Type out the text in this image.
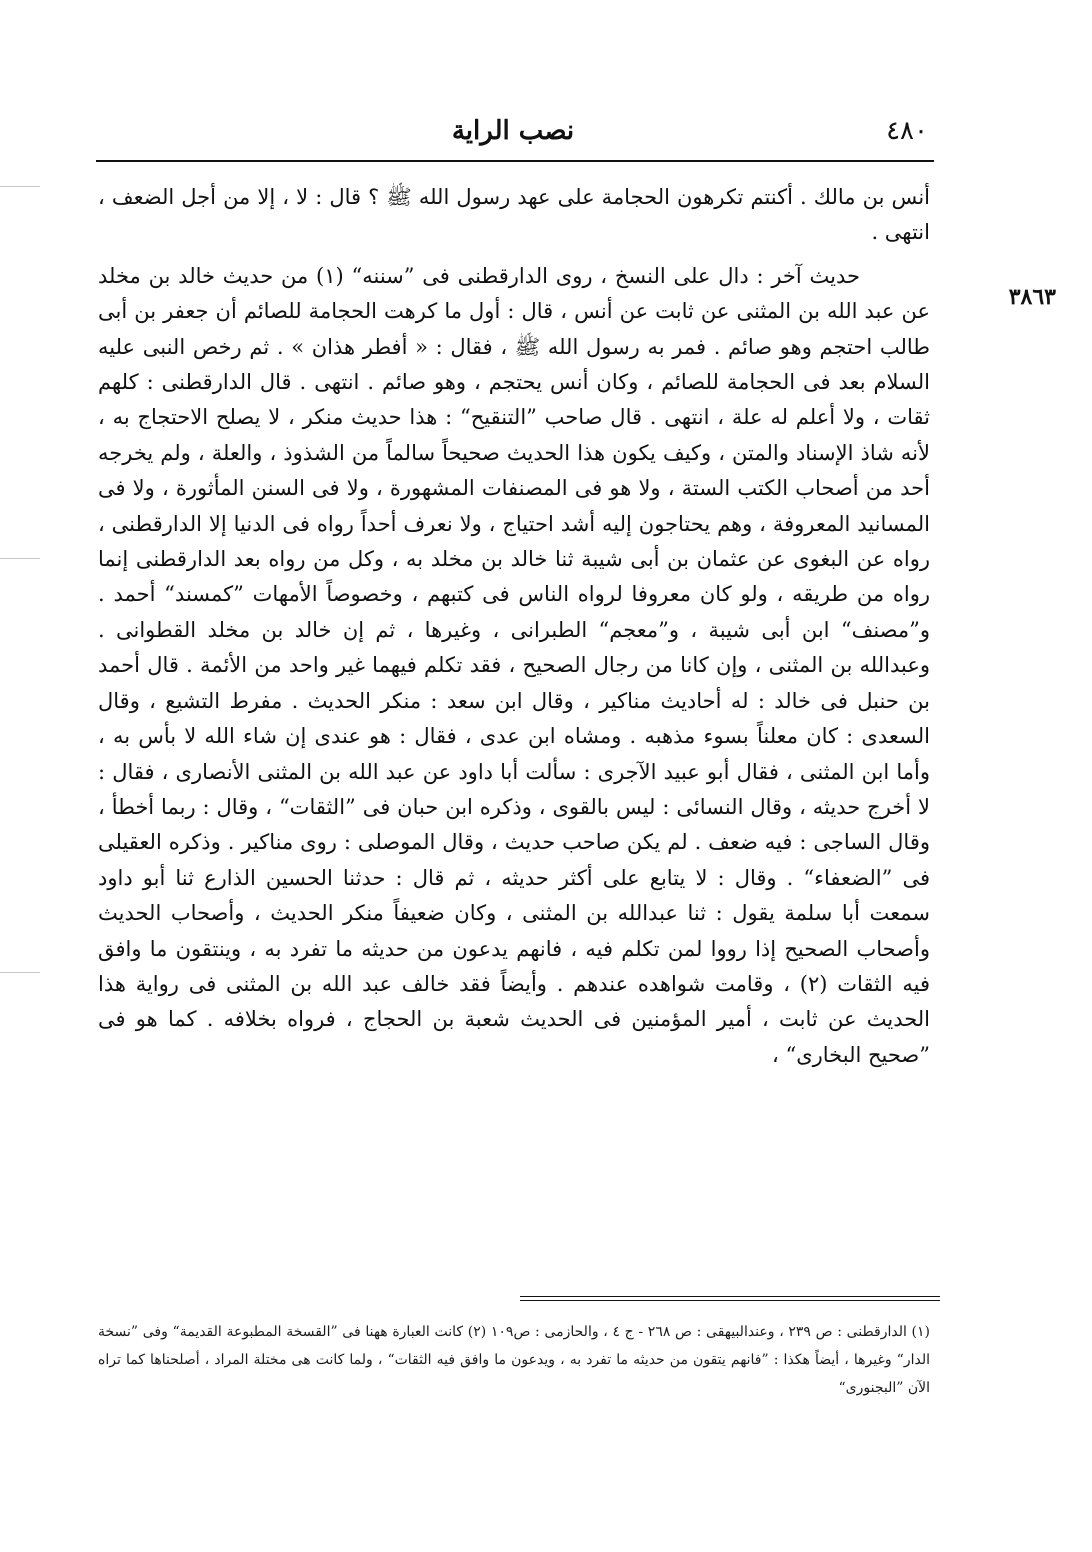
٤٨٠
نصب الراية
٣٨٦٣

أنس بن مالك . أكنتم تكرهون الحجامة على عهد رسول الله ﷺ ؟ قال : لا ، إلا من أجل الضعف ، انتهى .

حديث آخر : دال على النسخ ، روى الدارقطنى فى ”سننه“ (١) من حديث خالد بن مخلد عن عبد الله بن المثنى عن ثابت عن أنس ، قال : أول ما كرهت الحجامة للصائم أن جعفر بن أبى طالب احتجم وهو صائم . فمر به رسول الله ﷺ ، فقال : « أفطر هذان » . ثم رخص النبى عليه السلام بعد فى الحجامة للصائم ، وكان أنس يحتجم ، وهو صائم . انتهى . قال الدارقطنى : كلهم ثقات ، ولا أعلم له علة ، انتهى . قال صاحب ”التنقيح“ : هذا حديث منكر ، لا يصلح الاحتجاج به ، لأنه شاذ الإسناد والمتن ، وكيف يكون هذا الحديث صحيحاً سالماً من الشذوذ ، والعلة ، ولم يخرجه أحد من أصحاب الكتب الستة ، ولا هو فى المصنفات المشهورة ، ولا فى السنن المأثورة ، ولا فى المسانيد المعروفة ، وهم يحتاجون إليه أشد احتياج ، ولا نعرف أحداً رواه فى الدنيا إلا الدارقطنى ، رواه عن البغوى عن عثمان بن أبى شيبة ثنا خالد بن مخلد به ، وكل من رواه بعد الدارقطنى إنما رواه من طريقه ، ولو كان معروفا لرواه الناس فى كتبهم ، وخصوصاً الأمهات ”كمسند“ أحمد . و”مصنف“ ابن أبى شيبة ، و”معجم“ الطبرانى ، وغيرها ، ثم إن خالد بن مخلد القطوانى . وعبدالله بن المثنى ، وإن كانا من رجال الصحيح ، فقد تكلم فيهما غير واحد من الأئمة . قال أحمد بن حنبل فى خالد : له أحاديث مناكير ، وقال ابن سعد : منكر الحديث . مفرط التشيع ، وقال السعدى : كان معلناً بسوء مذهبه . ومشاه ابن عدى ، فقال : هو عندى إن شاء الله لا بأس به ، وأما ابن المثنى ، فقال أبو عبيد الآجرى : سألت أبا داود عن عبد الله بن المثنى الأنصارى ، فقال : لا أخرج حديثه ، وقال النسائى : ليس بالقوى ، وذكره ابن حبان فى ”الثقات“ ، وقال : ربما أخطأ ، وقال الساجى : فيه ضعف . لم يكن صاحب حديث ، وقال الموصلى : روى مناكير . وذكره العقيلى فى ”الضعفاء“ . وقال : لا يتابع على أكثر حديثه ، ثم قال : حدثنا الحسين الذارع ثنا أبو داود سمعت أبا سلمة يقول : ثنا عبدالله بن المثنى ، وكان ضعيفاً منكر الحديث ، وأصحاب الحديث وأصحاب الصحيح إذا رووا لمن تكلم فيه ، فانهم يدعون من حديثه ما تفرد به ، وينتقون ما وافق فيه الثقات (٢) ، وقامت شواهده عندهم . وأيضاً فقد خالف عبد الله بن المثنى فى رواية هذا الحديث عن ثابت ، أمير المؤمنين فى الحديث شعبة بن الحجاج ، فرواه بخلافه . كما هو فى ”صحيح البخارى“ ،

(١) الدارقطنى : ص ٢٣٩ ، وعندالبيهقى : ص ٢٦٨ - ج ٤ ، والحازمى : ص١٠٩ (٢) كانت العبارة ههنا فى ”القسخة المطبوعة القديمة“ وفى ”نسخة الدار“ وغيرها ، أيضاً هكذا : ”فانهم يتقون من حديثه ما تفرد به ، ويدعون ما وافق فيه الثقات“ ، ولما كانت هى مختلة المراد ، أصلحناها كما تراه الآن ”البجنورى“
